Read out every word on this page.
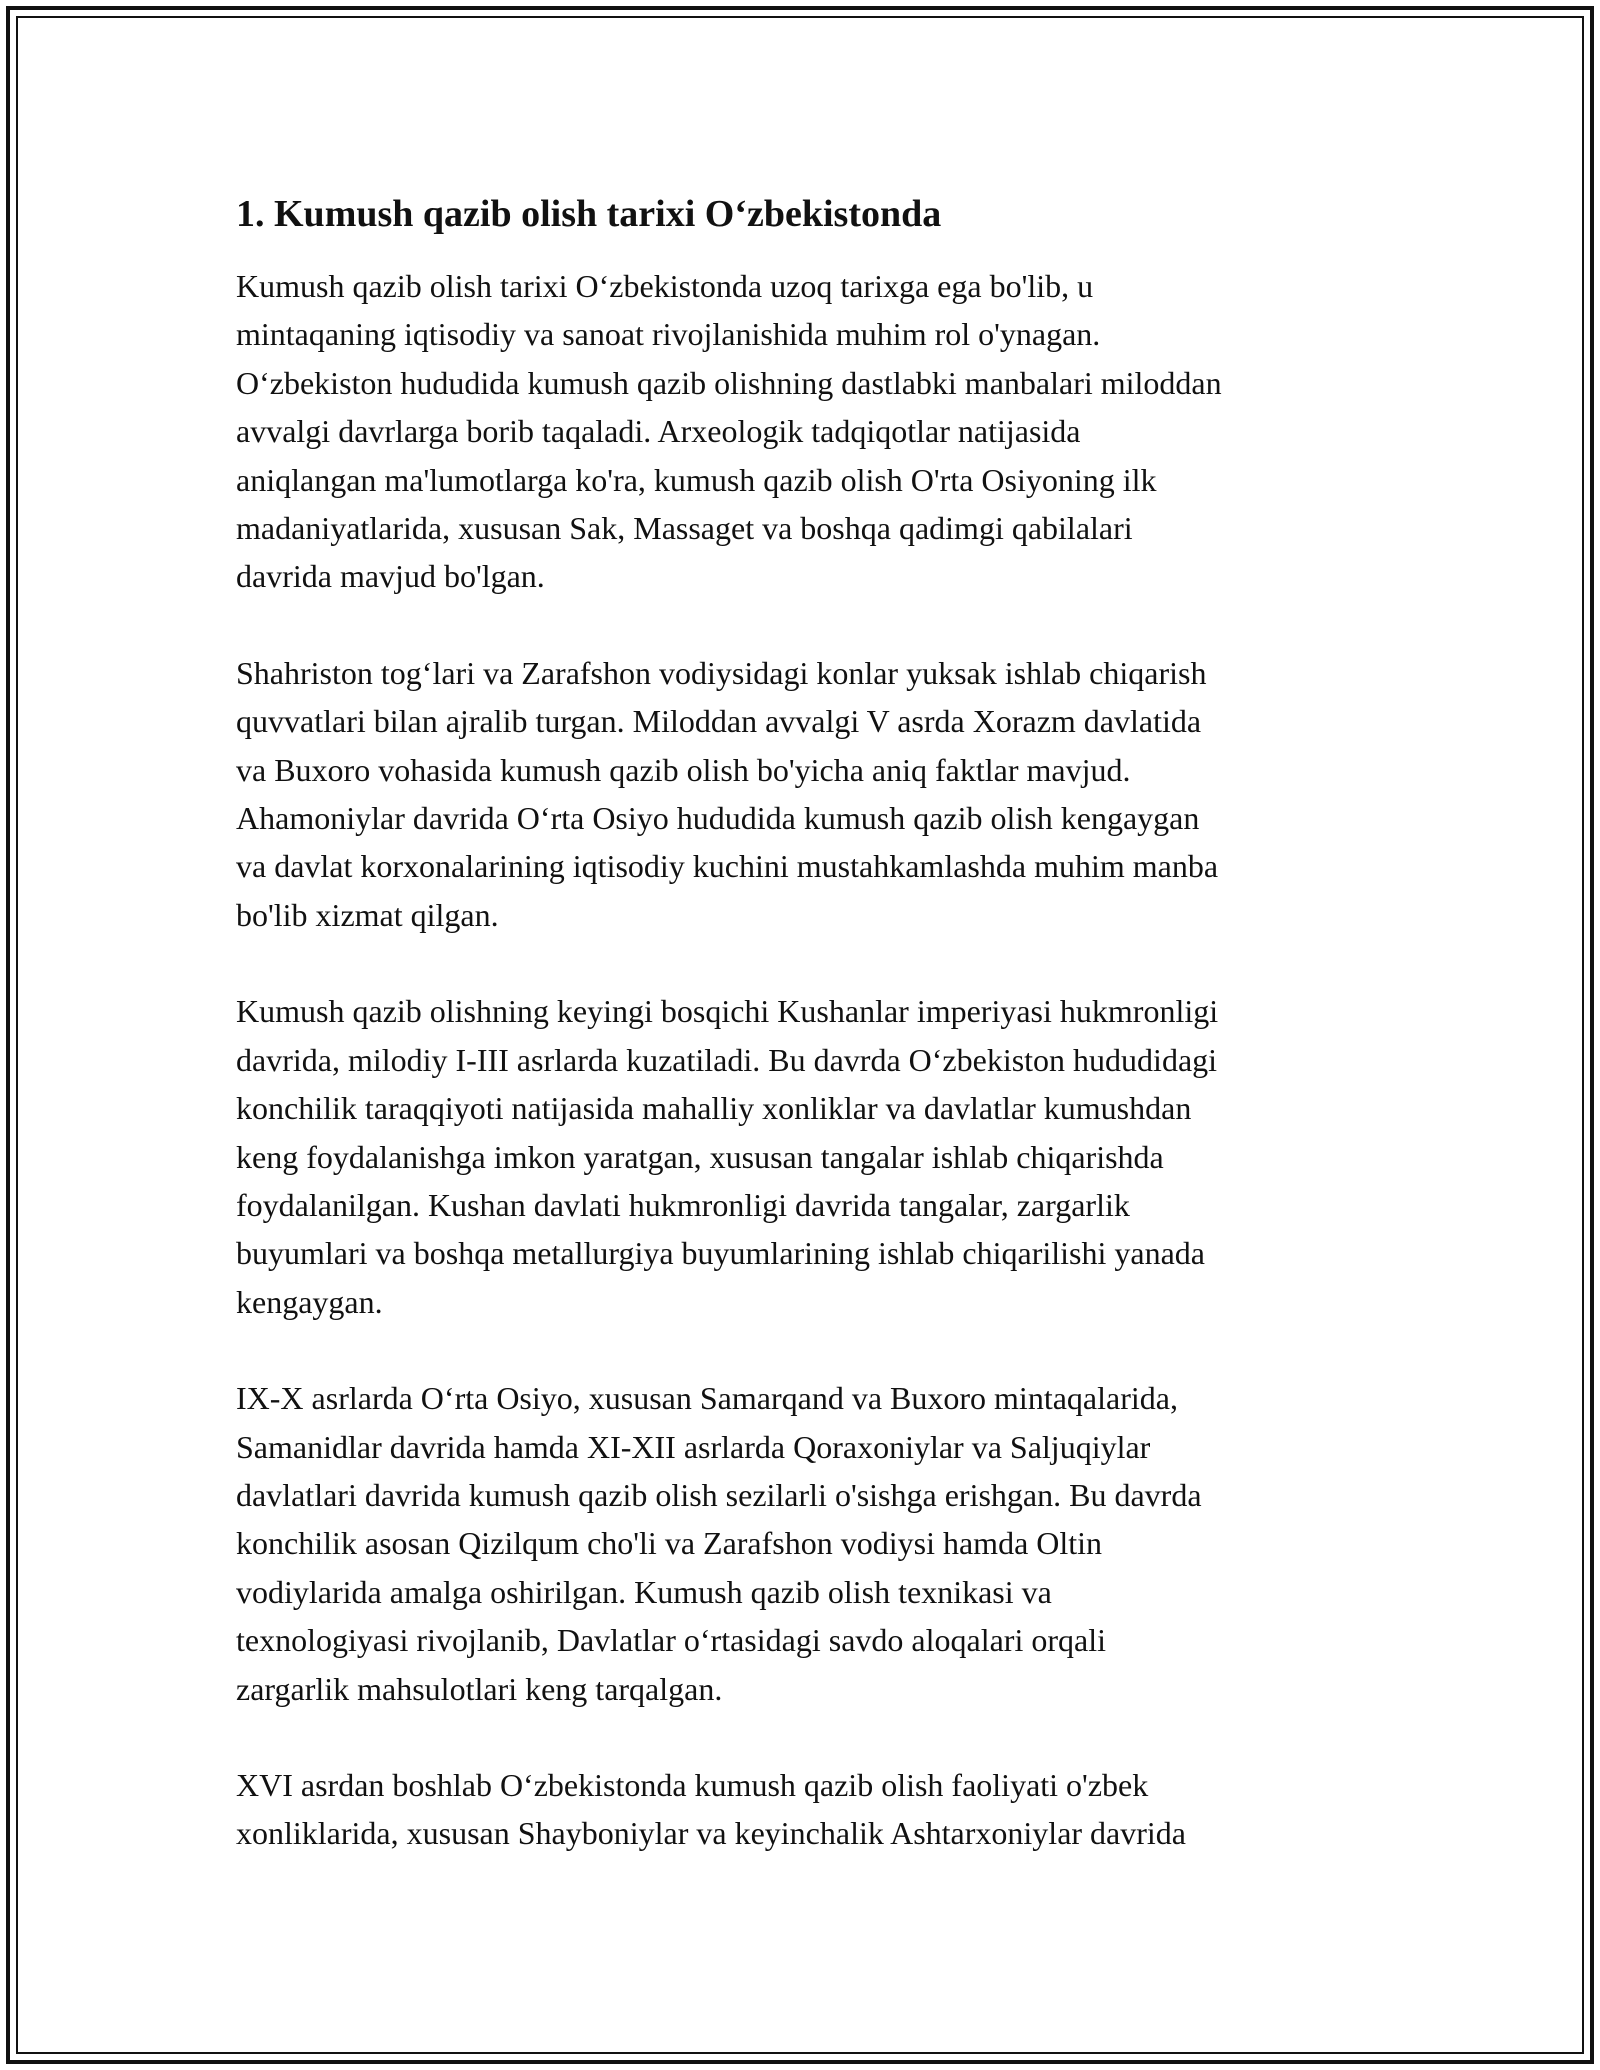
1. Kumush qazib olish tarixi O‘zbekistonda

Kumush qazib olish tarixi O‘zbekistonda uzoq tarixga ega bo'lib, u
mintaqaning iqtisodiy va sanoat rivojlanishida muhim rol o'ynagan.
O‘zbekiston hududida kumush qazib olishning dastlabki manbalari miloddan
avvalgi davrlarga borib taqaladi. Arxeologik tadqiqotlar natijasida
aniqlangan ma'lumotlarga ko'ra, kumush qazib olish O'rta Osiyoning ilk
madaniyatlarida, xususan Sak, Massaget va boshqa qadimgi qabilalari
davrida mavjud bo'lgan.

Shahriston tog‘lari va Zarafshon vodiysidagi konlar yuksak ishlab chiqarish
quvvatlari bilan ajralib turgan. Miloddan avvalgi V asrda Xorazm davlatida
va Buxoro vohasida kumush qazib olish bo'yicha aniq faktlar mavjud.
Ahamoniylar davrida O‘rta Osiyo hududida kumush qazib olish kengaygan
va davlat korxonalarining iqtisodiy kuchini mustahkamlashda muhim manba
bo'lib xizmat qilgan.

Kumush qazib olishning keyingi bosqichi Kushanlar imperiyasi hukmronligi
davrida, milodiy I-III asrlarda kuzatiladi. Bu davrda O‘zbekiston hududidagi
konchilik taraqqiyoti natijasida mahalliy xonliklar va davlatlar kumushdan
keng foydalanishga imkon yaratgan, xususan tangalar ishlab chiqarishda
foydalanilgan. Kushan davlati hukmronligi davrida tangalar, zargarlik
buyumlari va boshqa metallurgiya buyumlarining ishlab chiqarilishi yanada
kengaygan.

IX-X asrlarda O‘rta Osiyo, xususan Samarqand va Buxoro mintaqalarida,
Samanidlar davrida hamda XI-XII asrlarda Qoraxoniylar va Saljuqiylar
davlatlari davrida kumush qazib olish sezilarli o'sishga erishgan. Bu davrda
konchilik asosan Qizilqum cho'li va Zarafshon vodiysi hamda Oltin
vodiylarida amalga oshirilgan. Kumush qazib olish texnikasi va
texnologiyasi rivojlanib, Davlatlar o‘rtasidagi savdo aloqalari orqali
zargarlik mahsulotlari keng tarqalgan.

XVI asrdan boshlab O‘zbekistonda kumush qazib olish faoliyati o'zbek
xonliklarida, xususan Shayboniylar va keyinchalik Ashtarxoniylar davrida
